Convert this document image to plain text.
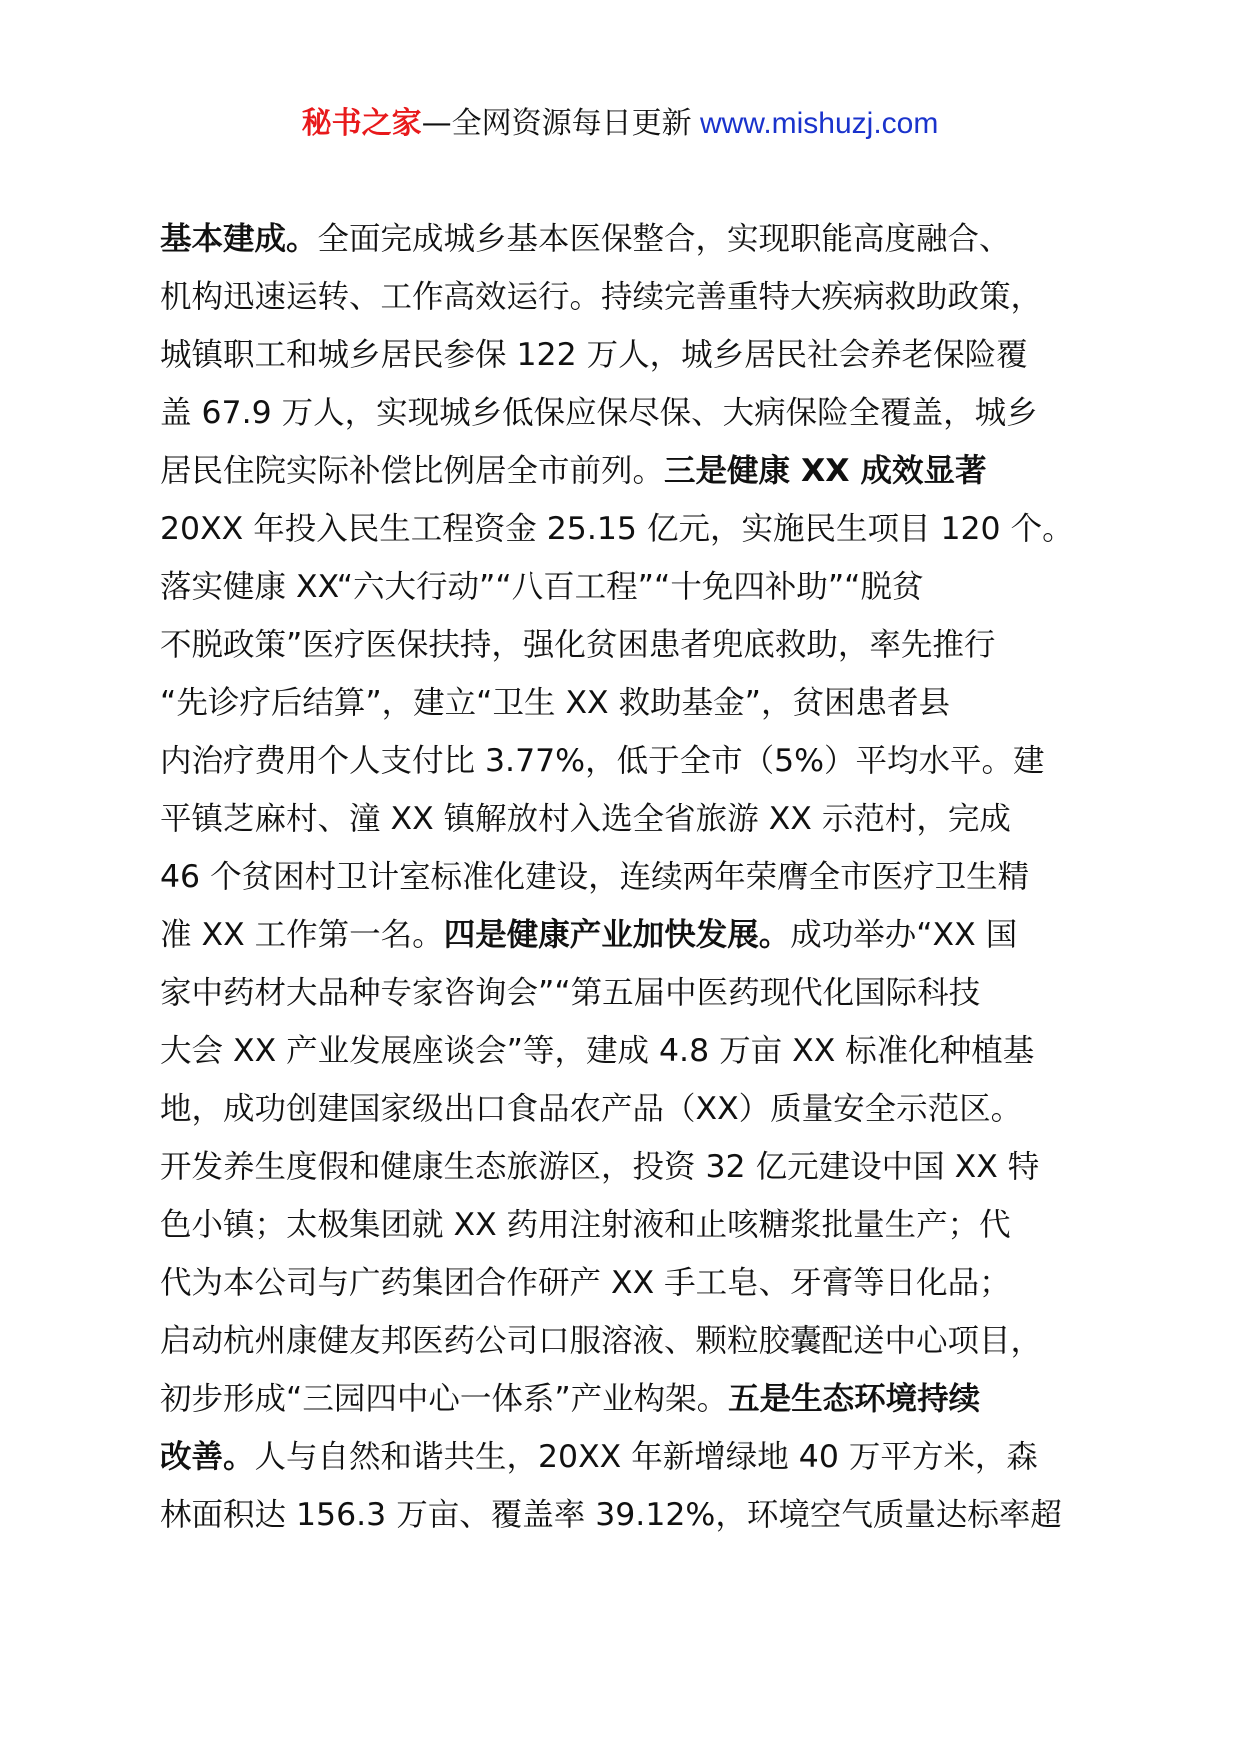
秘书之家—全网资源每日更新 www.mishuzj.com
基本建成。全面完成城乡基本医保整合，实现职能高度融合、
机构迅速运转、工作高效运行。持续完善重特大疾病救助政策，
城镇职工和城乡居民参保 122 万人，城乡居民社会养老保险覆
盖 67.9 万人，实现城乡低保应保尽保、大病保险全覆盖，城乡
居民住院实际补偿比例居全市前列。三是健康 XX 成效显著
20XX 年投入民生工程资金 25.15 亿元，实施民生项目 120 个。
落实健康 XX“六大行动”“八百工程”“十免四补助”“脱贫
不脱政策”医疗医保扶持，强化贫困患者兜底救助，率先推行
“先诊疗后结算”，建立“卫生 XX 救助基金”，贫困患者县
内治疗费用个人支付比 3.77%，低于全市（5%）平均水平。建
平镇芝麻村、潼 XX 镇解放村入选全省旅游 XX 示范村，完成
46 个贫困村卫计室标准化建设，连续两年荣膺全市医疗卫生精
准 XX 工作第一名。四是健康产业加快发展。成功举办“XX 国
家中药材大品种专家咨询会”“第五届中医药现代化国际科技
大会 XX 产业发展座谈会”等，建成 4.8 万亩 XX 标准化种植基
地，成功创建国家级出口食品农产品（XX）质量安全示范区。
开发养生度假和健康生态旅游区，投资 32 亿元建设中国 XX 特
色小镇；太极集团就 XX 药用注射液和止咳糖浆批量生产；代
代为本公司与广药集团合作研产 XX 手工皂、牙膏等日化品；
启动杭州康健友邦医药公司口服溶液、颗粒胶囊配送中心项目，
初步形成“三园四中心一体系”产业构架。五是生态环境持续
改善。人与自然和谐共生，20XX 年新增绿地 40 万平方米，森
林面积达 156.3 万亩、覆盖率 39.12%，环境空气质量达标率超
